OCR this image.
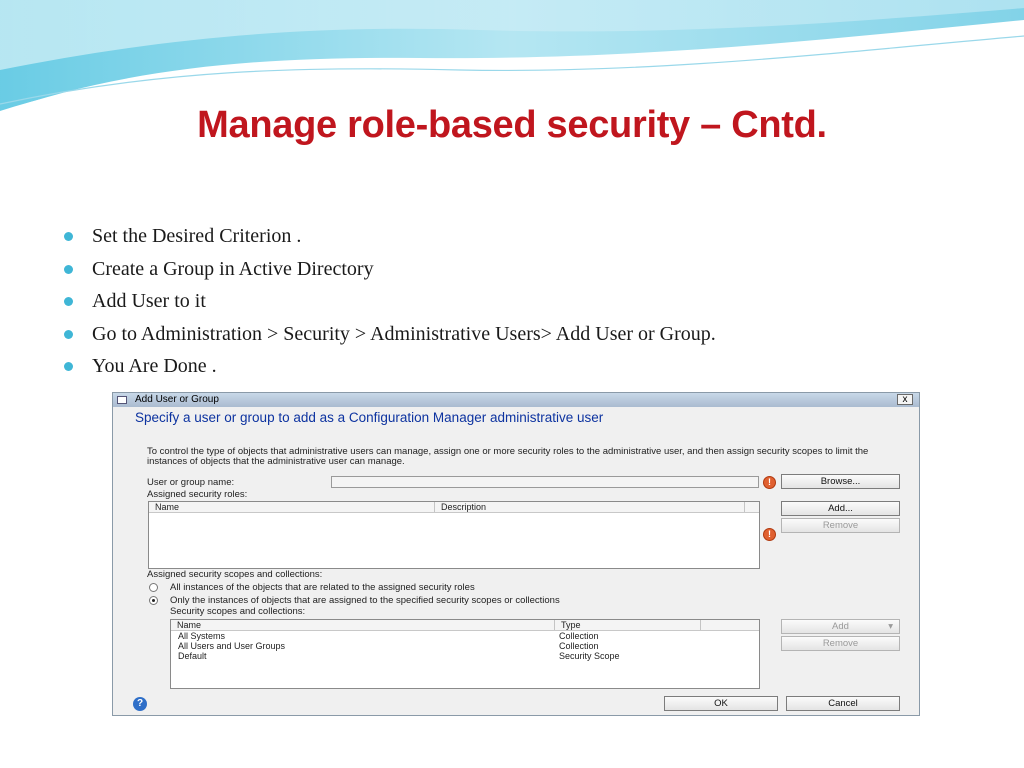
Manage role-based security – Cntd.
Set the Desired Criterion .
Create a Group in Active Directory
Add User to it
Go to Administration > Security > Administrative Users> Add User or Group.
You Are Done .
Add User or Group	x
Specify a user or group to add as a Configuration Manager administrative user
To control the type of objects that administrative users can manage, assign one or more security roles to the administrative user, and then assign security scopes to limit the instances of objects that the administrative user can manage.
User or group name:	!	Browse...
Assigned security roles:
Name	Description	Add...
Remove
!
Assigned security scopes and collections:
All instances of the objects that are related to the assigned security roles
Only the instances of objects that are assigned to the specified security scopes or collections
Security scopes and collections:
Name	Type
All Systems	Collection
All Users and User Groups	Collection
Default	Security Scope
Add	▾
Remove
?	OK	Cancel
